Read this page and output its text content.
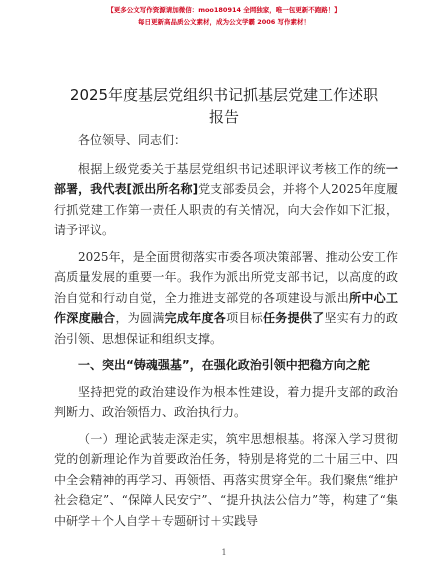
【更多公文写作资源请加微信：moo180914 全网独家，唯一包更新不跑路！】
每日更新高品质公文素材，成为公文学霸 2006 写作素材！
2025年度基层党组织书记抓基层党建工作述职
报告

各位领导、同志们：

根据上级党委关于基层党组织书记述职评议考核工作的统一部署，我代表[派出所名称]党支部委员会，并将个人2025年度履行抓党建工作第一责任人职责的有关情况，向大会作如下汇报，请予评议。

2025年，是全面贯彻落实市委各项决策部署、推动公安工作高质量发展的重要一年。我作为派出所党支部书记，以高度的政治自觉和行动自觉，全力推进支部党的各项建设与派出所中心工作深度融合，为圆满完成年度各项目标任务提供了坚实有力的政治引领、思想保证和组织支撑。

一、突出“铸魂强基”，在强化政治引领中把稳方向之舵

坚持把党的政治建设作为根本性建设，着力提升支部的政治判断力、政治领悟力、政治执行力。

（一）理论武装走深走实，筑牢思想根基。将深入学习贯彻党的创新理论作为首要政治任务，特别是将党的二十届三中、四中全会精神的再学习、再领悟、再落实贯穿全年。我们聚焦“维护社会稳定”、“保障人民安宁”、“提升执法公信力”等，构建了“集中研学＋个人自学＋专题研讨＋实践导

1
